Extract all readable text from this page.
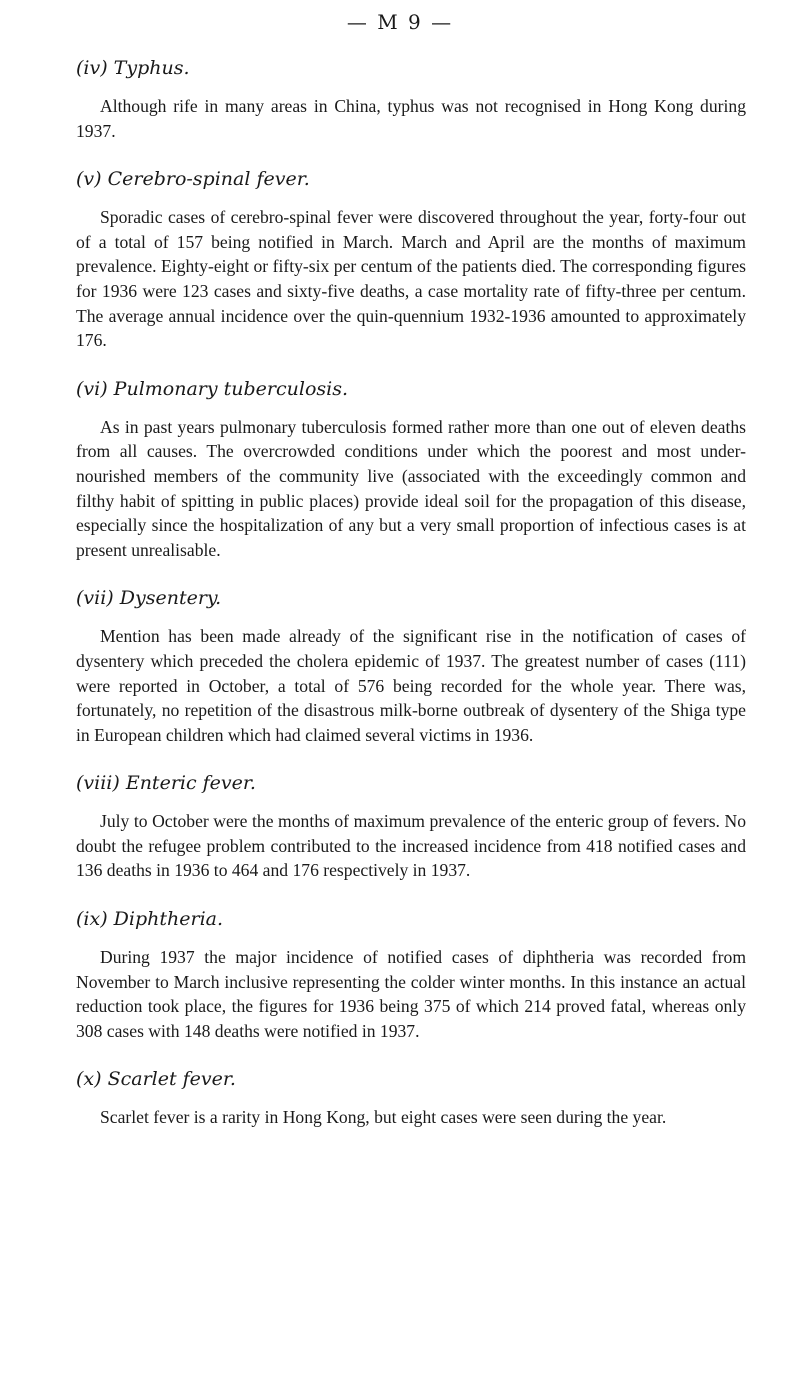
— M 9 —

(iv) Typhus.

Although rife in many areas in China, typhus was not recognised in Hong Kong during 1937.

(v) Cerebro-spinal fever.

Sporadic cases of cerebro-spinal fever were discovered throughout the year, forty-four out of a total of 157 being notified in March. March and April are the months of maximum prevalence. Eighty-eight or fifty-six per centum of the patients died. The corresponding figures for 1936 were 123 cases and sixty-five deaths, a case mortality rate of fifty-three per centum. The average annual incidence over the quin-quennium 1932-1936 amounted to approximately 176.

(vi) Pulmonary tuberculosis.

As in past years pulmonary tuberculosis formed rather more than one out of eleven deaths from all causes. The overcrowded conditions under which the poorest and most under-nourished members of the community live (associated with the exceedingly common and filthy habit of spitting in public places) provide ideal soil for the propagation of this disease, especially since the hospitalization of any but a very small proportion of infectious cases is at present unrealisable.

(vii) Dysentery.

Mention has been made already of the significant rise in the notification of cases of dysentery which preceded the cholera epidemic of 1937. The greatest number of cases (111) were reported in October, a total of 576 being recorded for the whole year. There was, fortunately, no repetition of the disastrous milk-borne outbreak of dysentery of the Shiga type in European children which had claimed several victims in 1936.

(viii) Enteric fever.

July to October were the months of maximum prevalence of the enteric group of fevers. No doubt the refugee problem contributed to the increased incidence from 418 notified cases and 136 deaths in 1936 to 464 and 176 respectively in 1937.

(ix) Diphtheria.

During 1937 the major incidence of notified cases of diphtheria was recorded from November to March inclusive representing the colder winter months. In this instance an actual reduction took place, the figures for 1936 being 375 of which 214 proved fatal, whereas only 308 cases with 148 deaths were notified in 1937.

(x) Scarlet fever.

Scarlet fever is a rarity in Hong Kong, but eight cases were seen during the year.
